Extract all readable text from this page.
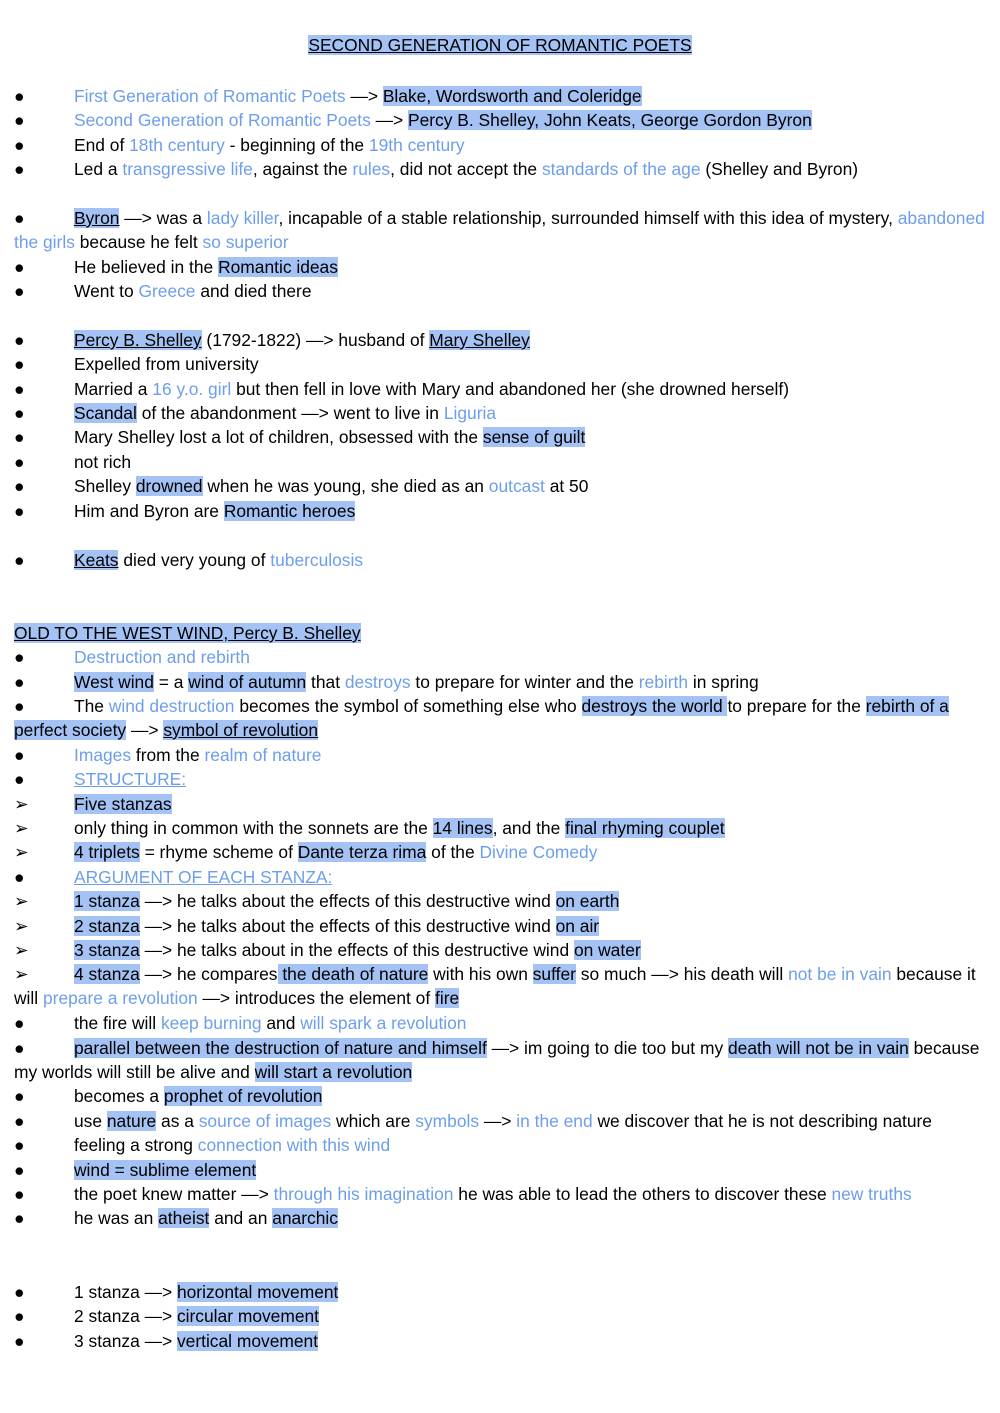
SECOND GENERATION OF ROMANTIC POETS
●	First Generation of Romantic Poets —> Blake, Wordsworth and Coleridge
●	Second Generation of Romantic Poets —> Percy B. Shelley, John Keats, George Gordon Byron
●	End of 18th century - beginning of the 19th century
●	Led a transgressive life, against the rules, did not accept the standards of the age (Shelley and Byron)
●	Byron —> was a lady killer, incapable of a stable relationship, surrounded himself with this idea of mystery, abandoned the girls because he felt so superior
●	He believed in the Romantic ideas
●	Went to Greece and died there
●	Percy B. Shelley (1792-1822) —> husband of Mary Shelley
●	Expelled from university
●	Married a 16 y.o. girl but then fell in love with Mary and abandoned her (she drowned herself)
●	Scandal of the abandonment —> went to live in Liguria
●	Mary Shelley lost a lot of children, obsessed with the sense of guilt
●	not rich
●	Shelley drowned when he was young, she died as an outcast at 50
●	Him and Byron are Romantic heroes
●	Keats died very young of tuberculosis
OLD TO THE WEST WIND, Percy B. Shelley
●	Destruction and rebirth
●	West wind = a wind of autumn that destroys to prepare for winter and the rebirth in spring
●	The wind destruction becomes the symbol of something else who destroys the world to prepare for the rebirth of a perfect society —> symbol of revolution
●	Images from the realm of nature
●	STRUCTURE:
➢	Five stanzas
➢	only thing in common with the sonnets are the 14 lines, and the final rhyming couplet
➢	4 triplets = rhyme scheme of Dante terza rima of the Divine Comedy
●	ARGUMENT OF EACH STANZA:
➢	1 stanza —> he talks about the effects of this destructive wind on earth
➢	2 stanza —> he talks about the effects of this destructive wind on air
➢	3 stanza —> he talks about in the effects of this destructive wind on water
➢	4 stanza —> he compares the death of nature with his own suffer so much —> his death will not be in vain because it will prepare a revolution —> introduces the element of fire
●	the fire will keep burning and will spark a revolution
●	parallel between the destruction of nature and himself —> im going to die too but my death will not be in vain because my worlds will still be alive and will start a revolution
●	becomes a prophet of revolution
●	use nature as a source of images which are symbols —> in the end we discover that he is not describing nature
●	feeling a strong connection with this wind
●	wind = sublime element
●	the poet knew matter —> through his imagination he was able to lead the others to discover these new truths
●	he was an atheist and an anarchic
●	1 stanza —> horizontal movement
●	2 stanza —> circular movement
●	3 stanza —> vertical movement
